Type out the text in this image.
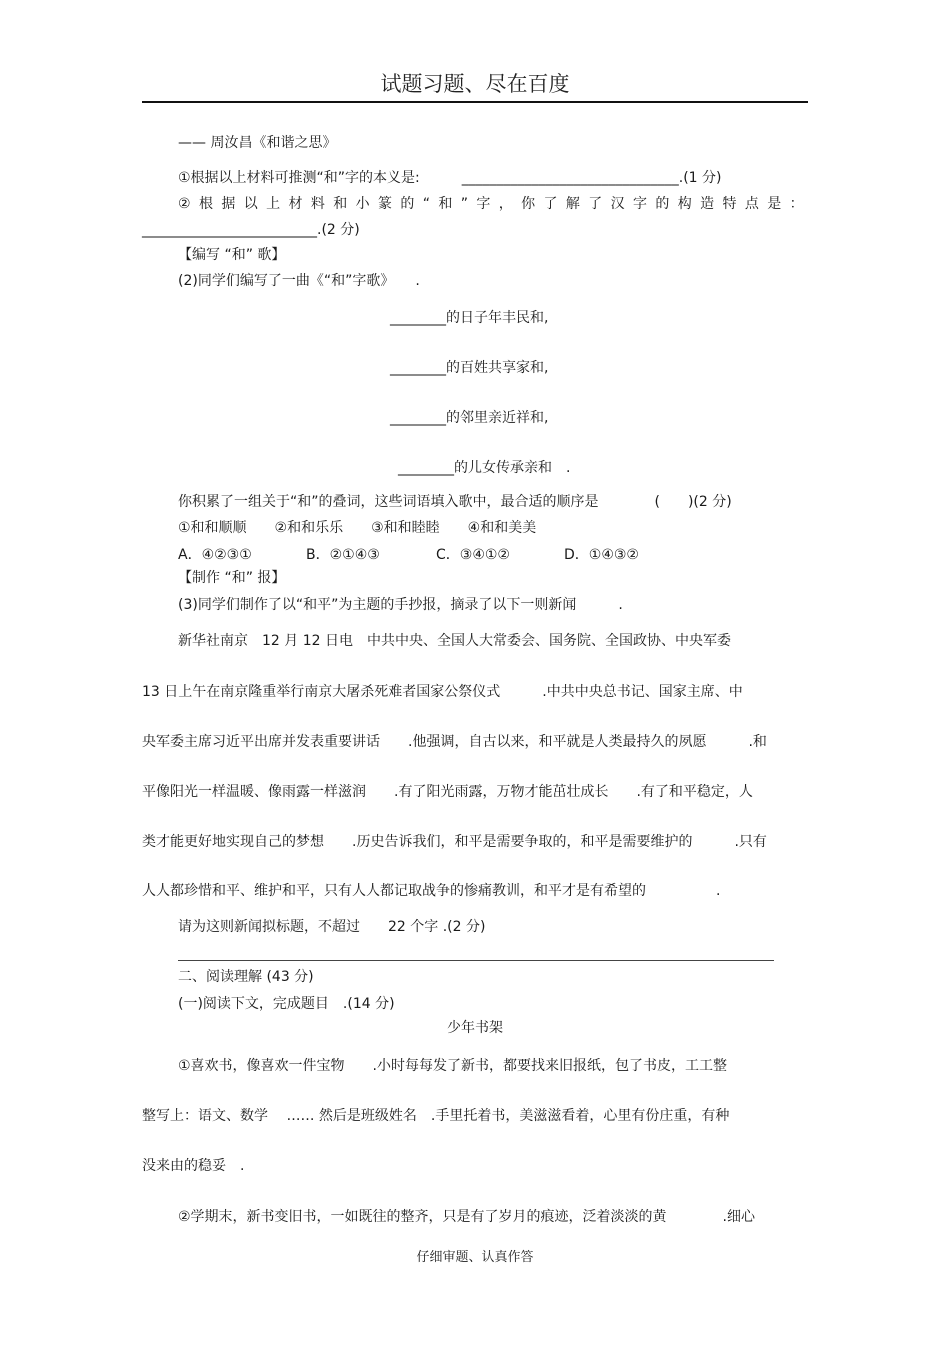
试题习题、尽在百度
—— 周汝昌《和谐之思》
①根据以上材料可推测“和”字的本义是:　　　_______________________________.(1 分)
② 根 据 以 上 材 料 和 小 篆 的 “ 和 ” 字 ， 你 了 解 了 汉 字 的 构 造 特 点 是 ：
_________________________.(2 分)
【编写 “和” 歌】
(2)同学们编写了一曲《“和”字歌》　　.
________的日子年丰民和,
________的百姓共享家和,
________的邻里亲近祥和,
________的儿女传承亲和　.
你积累了一组关于“和”的叠词，这些词语填入歌中，最合适的顺序是　　　　(　　)(2 分)
①和和顺顺　　②和和乐乐　　③和和睦睦　　④和和美美
A．④②③①	B．②①④③	C．③④①②	D．①④③②
【制作 “和” 报】
(3)同学们制作了以“和平”为主题的手抄报，摘录了以下一则新闻　　　.
新华社南京　12 月 12 日电　中共中央、全国人大常委会、国务院、全国政协、中央军委
13 日上午在南京隆重举行南京大屠杀死难者国家公祭仪式　　　.中共中央总书记、国家主席、中
央军委主席习近平出席并发表重要讲话　　.他强调，自古以来，和平就是人类最持久的夙愿　　　.和
平像阳光一样温暖、像雨露一样滋润　　.有了阳光雨露，万物才能茁壮成长　　.有了和平稳定，人
类才能更好地实现自己的梦想　　.历史告诉我们，和平是需要争取的，和平是需要维护的　　　.只有
人人都珍惜和平、维护和平，只有人人都记取战争的惨痛教训，和平才是有希望的　　　　　.
请为这则新闻拟标题，不超过　　22 个字 .(2 分)
二、阅读理解 (43 分)
(一)阅读下文，完成题目　.(14 分)
少年书架
①喜欢书，像喜欢一件宝物　　.小时每每发了新书，都要找来旧报纸，包了书皮，工工整
整写上：语文、数学　 …… 然后是班级姓名　.手里托着书，美滋滋看着，心里有份庄重，有种
没来由的稳妥　.
②学期末，新书变旧书，一如既往的整齐，只是有了岁月的痕迹，泛着淡淡的黄　　　　.细心
仔细审题、认真作答
